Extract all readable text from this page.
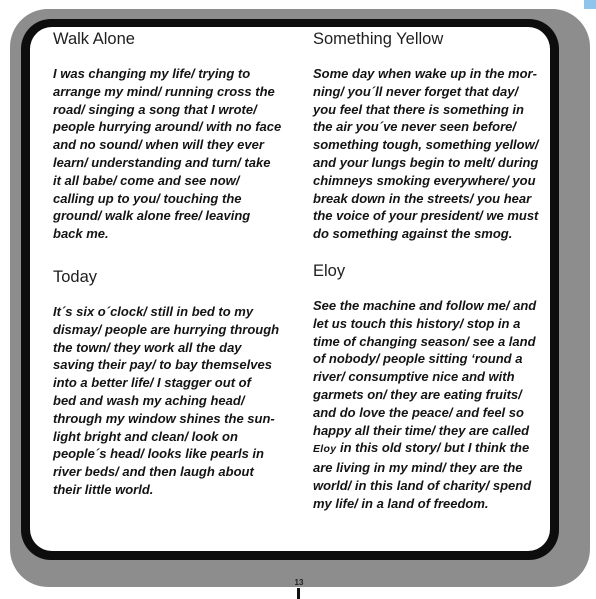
Walk Alone

I was changing my life/ trying to
arrange my mind/ running cross the
road/ singing a song that I wrote/
people hurrying around/ with no face
and no sound/ when will they ever
learn/ understanding and turn/ take
it all babe/ come and see now/
calling up to you/ touching the
ground/ walk alone free/ leaving
back me.

Today

It´s six o´clock/ still in bed to my
dismay/ people are hurrying through
the town/ they work all the day
saving their pay/ to bay themselves
into a better life/ I stagger out of
bed and wash my aching head/
through my window shines the sun-
light bright and clean/ look on
people´s head/ looks like pearls in
river beds/ and then laugh about
their little world.

Something Yellow

Some day when wake up in the mor-
ning/ you´ll never forget that day/
you feel that there is something in
the air you´ve never seen before/
something tough, something yellow/
and your lungs begin to melt/ during
chimneys smoking everywhere/ you
break down in the streets/ you hear
the voice of your president/ we must
do something against the smog.

Eloy

See the machine and follow me/ and
let us touch this history/ stop in a
time of changing season/ see a land
of nobody/ people sitting ‘round a
river/ consumptive nice and with
garmets on/ they are eating fruits/
and do love the peace/ and feel so
happy all their time/ they are called
Eloy in this old story/ but I think the
are living in my mind/ they are the
world/ in this land of charity/ spend
my life/ in a land of freedom.

13
